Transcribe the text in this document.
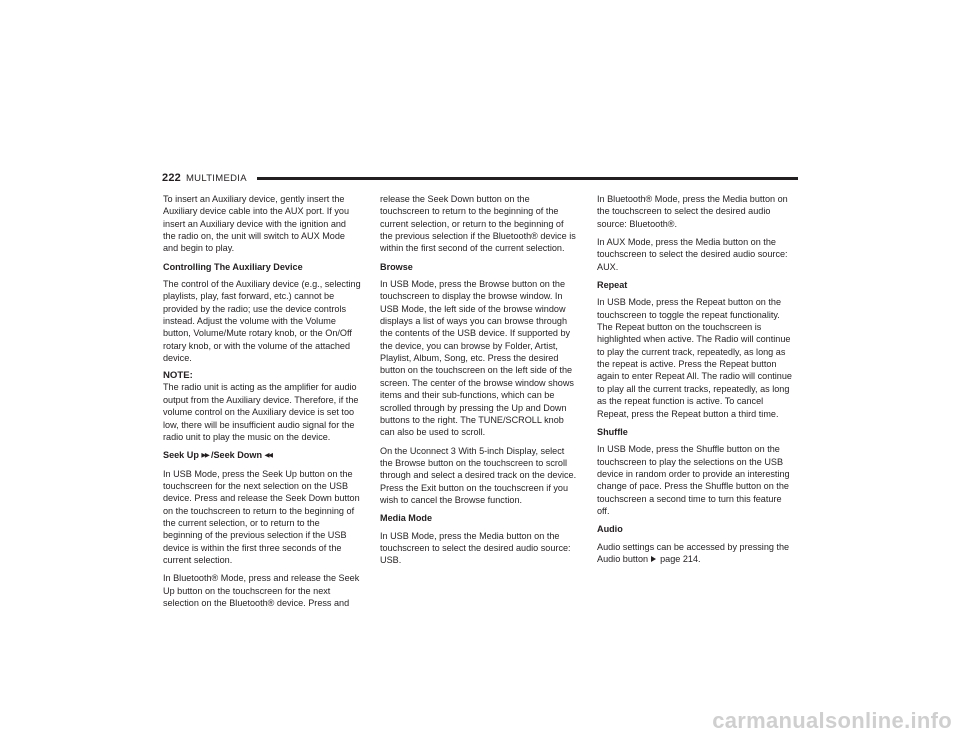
222 MULTIMEDIA

To insert an Auxiliary device, gently insert the Auxiliary device cable into the AUX port. If you insert an Auxiliary device with the ignition and the radio on, the unit will switch to AUX Mode and begin to play.

Controlling The Auxiliary Device

The control of the Auxiliary device (e.g., selecting playlists, play, fast forward, etc.) cannot be provided by the radio; use the device controls instead. Adjust the volume with the Volume button, Volume/Mute rotary knob, or the On/Off rotary knob, or with the volume of the attached device.

NOTE:
The radio unit is acting as the amplifier for audio output from the Auxiliary device. Therefore, if the volume control on the Auxiliary device is set too low, there will be insufficient audio signal for the radio unit to play the music on the device.

Seek Up ▶▶ /Seek Down ◀◀

In USB Mode, press the Seek Up button on the touchscreen for the next selection on the USB device. Press and release the Seek Down button on the touchscreen to return to the beginning of the current selection, or to return to the beginning of the previous selection if the USB device is within the first three seconds of the current selection.

In Bluetooth® Mode, press and release the Seek Up button on the touchscreen for the next selection on the Bluetooth® device. Press and

release the Seek Down button on the touchscreen to return to the beginning of the current selection, or return to the beginning of the previous selection if the Bluetooth® device is within the first second of the current selection.

Browse

In USB Mode, press the Browse button on the touchscreen to display the browse window. In USB Mode, the left side of the browse window displays a list of ways you can browse through the contents of the USB device. If supported by the device, you can browse by Folder, Artist, Playlist, Album, Song, etc. Press the desired button on the touchscreen on the left side of the screen. The center of the browse window shows items and their sub-functions, which can be scrolled through by pressing the Up and Down buttons to the right. The TUNE/SCROLL knob can also be used to scroll.

On the Uconnect 3 With 5-inch Display, select the Browse button on the touchscreen to scroll through and select a desired track on the device. Press the Exit button on the touchscreen if you wish to cancel the Browse function.

Media Mode

In USB Mode, press the Media button on the touchscreen to select the desired audio source: USB.

In Bluetooth® Mode, press the Media button on the touchscreen to select the desired audio source: Bluetooth®.

In AUX Mode, press the Media button on the touchscreen to select the desired audio source: AUX.

Repeat

In USB Mode, press the Repeat button on the touchscreen to toggle the repeat functionality. The Repeat button on the touchscreen is highlighted when active. The Radio will continue to play the current track, repeatedly, as long as the repeat is active. Press the Repeat button again to enter Repeat All. The radio will continue to play all the current tracks, repeatedly, as long as the repeat function is active. To cancel Repeat, press the Repeat button a third time.

Shuffle

In USB Mode, press the Shuffle button on the touchscreen to play the selections on the USB device in random order to provide an interesting change of pace. Press the Shuffle button on the touchscreen a second time to turn this feature off.

Audio

Audio settings can be accessed by pressing the Audio button page 214.

carmanualsonline.info
